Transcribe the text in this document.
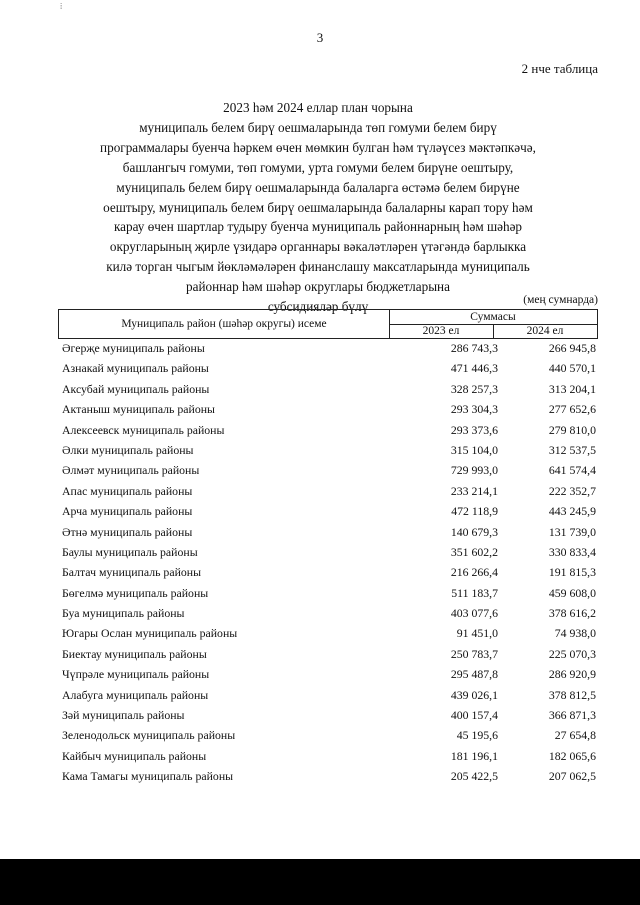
⁞
3
2 нче таблица
2023 һәм 2024 еллар план чорына
муниципаль белем бирү оешмаларында төп гомуми белем бирү
программалары буенча һәркем өчен мөмкин булган һәм түләүсез мәктәпкәчә,
башлангыч гомуми, төп гомуми, урта гомуми белем бирүне оештыру,
муниципаль белем бирү оешмаларында балаларга өстәмә белем бирүне
оештыру, муниципаль белем бирү оешмаларында балаларны карап тору һәм
карау өчен шартлар тудыру буенча муниципаль районнарның һәм шәһәр
округларының җирле үзидарә органнары вәкаләтләрен үтәгәндә барлыкка
килә торган чыгым йөкләмәләрен финанслашу максатларында муниципаль
районнар һәм шәһәр округлары бюджетларына
субсидияләр бүлү	(мең сумнарда)
Муниципаль район (шәһәр округы) исеме
Суммасы
2023 ел	2024 ел
Әгерҗе муниципаль районы	286 743,3	266 945,8
Азнакай муниципаль районы	471 446,3	440 570,1
Аксубай муниципаль районы	328 257,3	313 204,1
Актаныш муниципаль районы	293 304,3	277 652,6
Алексеевск муниципаль районы	293 373,6	279 810,0
Әлки муниципаль районы	315 104,0	312 537,5
Әлмәт муниципаль районы	729 993,0	641 574,4
Апас муниципаль районы	233 214,1	222 352,7
Арча муниципаль районы	472 118,9	443 245,9
Әтнә муниципаль районы	140 679,3	131 739,0
Баулы муниципаль районы	351 602,2	330 833,4
Балтач муниципаль районы	216 266,4	191 815,3
Бөгелмә муниципаль районы	511 183,7	459 608,0
Буа муниципаль районы	403 077,6	378 616,2
Югары Ослан муниципаль районы	91 451,0	74 938,0
Биектау муниципаль районы	250 783,7	225 070,3
Чүпрәле муниципаль районы	295 487,8	286 920,9
Алабуга муниципаль районы	439 026,1	378 812,5
Зәй муниципаль районы	400 157,4	366 871,3
Зеленодольск муниципаль районы	45 195,6	27 654,8
Кайбыч муниципаль районы	181 196,1	182 065,6
Кама Тамагы муниципаль районы	205 422,5	207 062,5
